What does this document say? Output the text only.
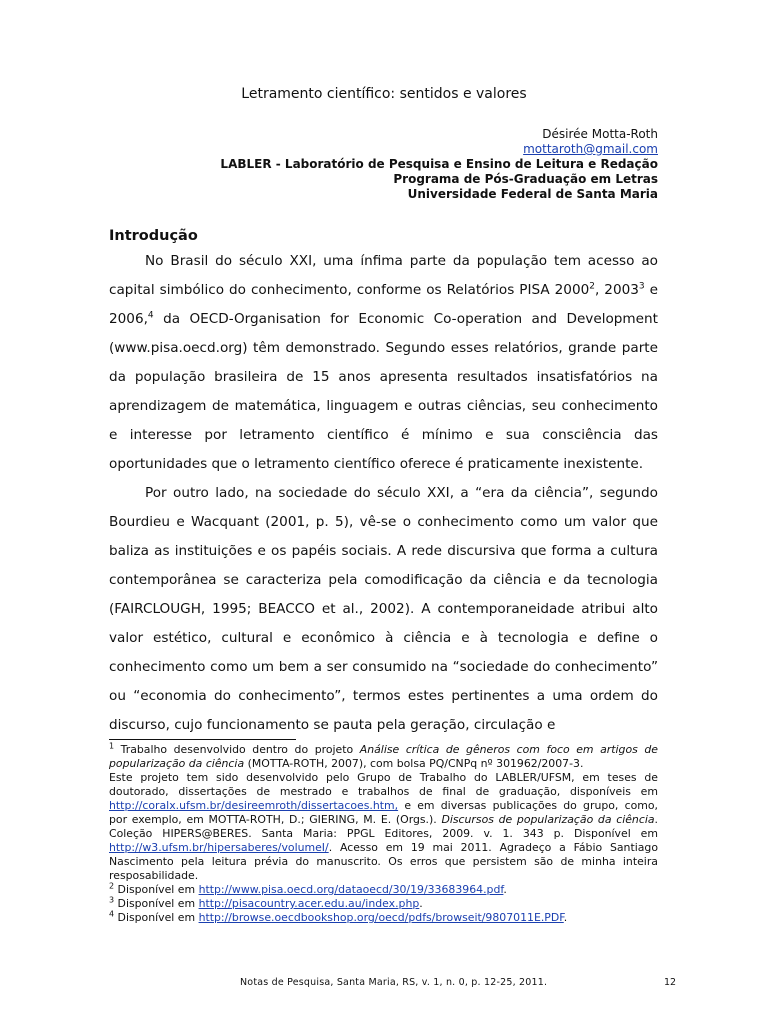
Letramento científico: sentidos e valores
Désirée Motta-Roth
mottaroth@gmail.com
LABLER - Laboratório de Pesquisa e Ensino de Leitura e Redação
Programa de Pós-Graduação em Letras
Universidade Federal de Santa Maria
Introdução

No Brasil do século XXI, uma ínfima parte da população tem acesso ao capital simbólico do conhecimento, conforme os Relatórios PISA 2000$^2$, 2003$^3$ e 2006,$^4$ da OECD-Organisation for Economic Co-operation and Development (www.pisa.oecd.org) têm demonstrado. Segundo esses relatórios, grande parte da população brasileira de 15 anos apresenta resultados insatisfatórios na aprendizagem de matemática, linguagem e outras ciências, seu conhecimento e interesse por letramento científico é mínimo e sua consciência das oportunidades que o letramento científico oferece é praticamente inexistente.

Por outro lado, na sociedade do século XXI, a “era da ciência”, segundo Bourdieu e Wacquant (2001, p. 5), vê-se o conhecimento como um valor que baliza as instituições e os papéis sociais. A rede discursiva que forma a cultura contemporânea se caracteriza pela comodificação da ciência e da tecnologia (FAIRCLOUGH, 1995; BEACCO et al., 2002). A contemporaneidade atribui alto valor estético, cultural e econômico à ciência e à tecnologia e define o conhecimento como um bem a ser consumido na “sociedade do conhecimento” ou “economia do conhecimento”, termos estes pertinentes a uma ordem do discurso, cujo funcionamento se pauta pela geração, circulação e

$^1$ Trabalho desenvolvido dentro do projeto Análise crítica de gêneros com foco em artigos de popularização da ciência (MOTTA-ROTH, 2007), com bolsa PQ/CNPq nº 301962/2007-3.

Este projeto tem sido desenvolvido pelo Grupo de Trabalho do LABLER/UFSM, em teses de doutorado, dissertações de mestrado e trabalhos de final de graduação, disponíveis em http://coralx.ufsm.br/desireemroth/dissertacoes.htm, e em diversas publicações do grupo, como, por exemplo, em MOTTA-ROTH, D.; GIERING, M. E. (Orgs.). Discursos de popularização da ciência. Coleção HIPERS@BERES. Santa Maria: PPGL Editores, 2009. v. 1. 343 p. Disponível em http://w3.ufsm.br/hipersaberes/volumeI/. Acesso em 19 mai 2011. Agradeço a Fábio Santiago Nascimento pela leitura prévia do manuscrito. Os erros que persistem são de minha inteira resposabilidade.

$^2$ Disponível em http://www.pisa.oecd.org/dataoecd/30/19/33683964.pdf.

$^3$ Disponível em http://pisacountry.acer.edu.au/index.php.

$^4$ Disponível em http://browse.oecdbookshop.org/oecd/pdfs/browseit/9807011E.PDF.

Notas de Pesquisa, Santa Maria, RS, v. 1, n. 0, p. 12-25, 2011.	12
